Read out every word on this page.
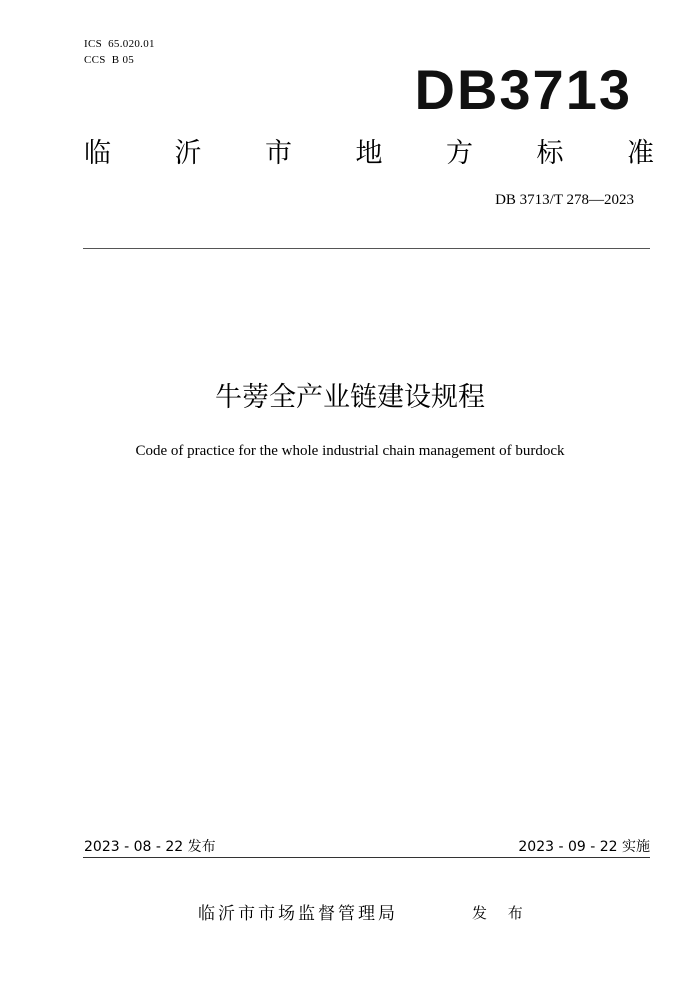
ICS  65.020.01
CCS  B 05	DB3713
临 沂 市 地 方 标 准
DB 3713/T 278—2023
牛蒡全产业链建设规程
Code of practice for the whole industrial chain management of burdock
2023 - 08 - 22 发布	2023 - 09 - 22 实施
临沂市市场监督管理局	发 布
